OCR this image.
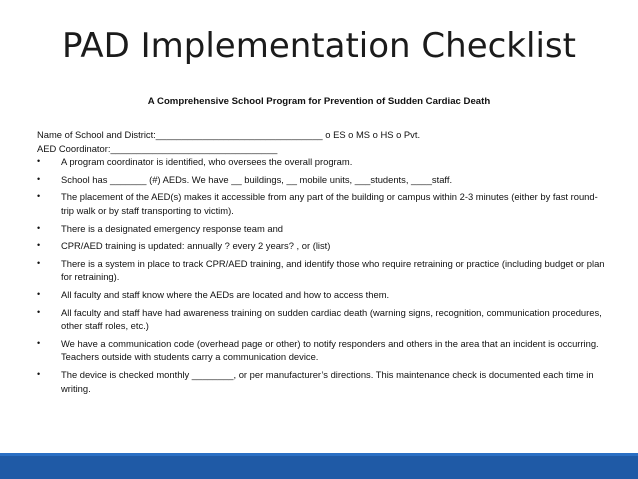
PAD Implementation Checklist
A Comprehensive School Program for Prevention of Sudden Cardiac Death
Name of School and District:________________________________ o ES o MS o HS o Pvt.
AED Coordinator:________________________________
• A program coordinator is identified, who oversees the overall program.
• School has _______ (#) AEDs. We have __ buildings, __ mobile units, ___students, ____staff.
• The placement of the AED(s) makes it accessible from any part of the building or campus within 2-3 minutes (either by fast round-trip walk or by staff transporting to victim).
• There is a designated emergency response team and
• CPR/AED training is updated: annually ? every 2 years? , or (list)
• There is a system in place to track CPR/AED training, and identify those who require retraining or practice (including budget or plan for retraining).
• All faculty and staff know where the AEDs are located and how to access them.
• All faculty and staff have had awareness training on sudden cardiac death (warning signs, recognition, communication procedures, other staff roles, etc.)
• We have a communication code (overhead page or other) to notify responders and others in the area that an incident is occurring. Teachers outside with students carry a communication device.
• The device is checked monthly ________, or per manufacturer’s directions. This maintenance check is documented each time in writing.
